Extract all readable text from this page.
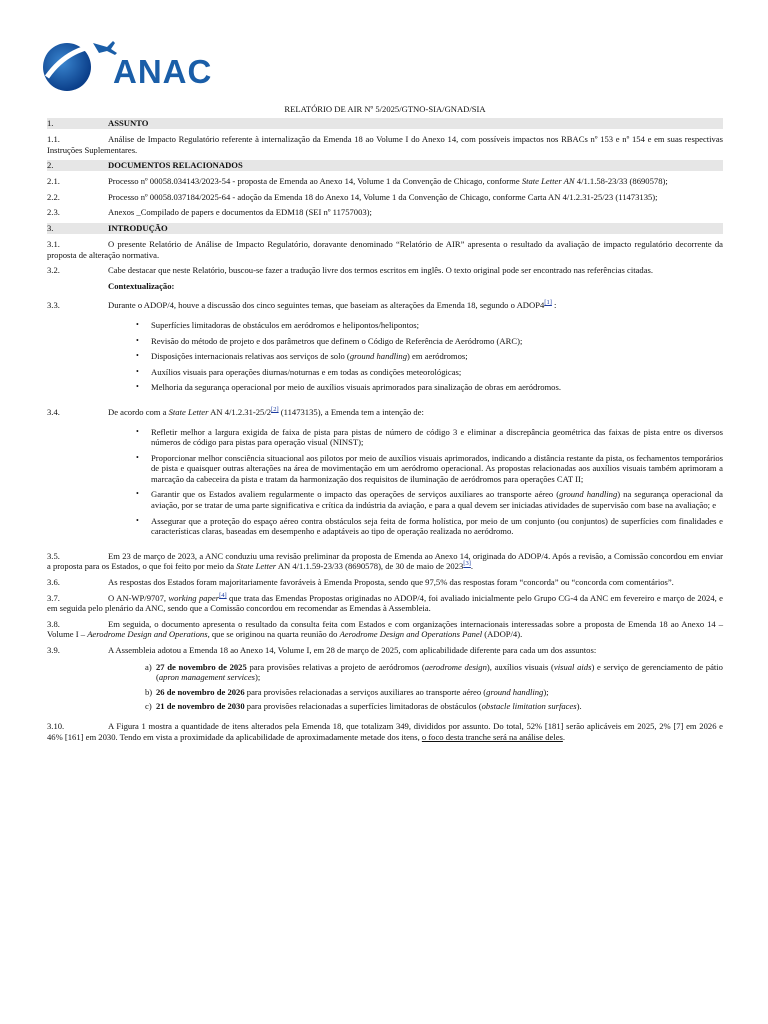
ANAC
RELATÓRIO DE AIR Nº 5/2025/GTNO-SIA/GNAD/SIA
1.	ASSUNTO
1.1.	Análise de Impacto Regulatório referente à internalização da Emenda 18 ao Volume I do Anexo 14, com possíveis impactos nos RBACs nº 153 e nº 154 e em suas respectivas Instruções Suplementares.
2.	DOCUMENTOS RELACIONADOS
2.1.	Processo nº 00058.034143/2023-54 - proposta de Emenda ao Anexo 14, Volume 1 da Convenção de Chicago, conforme State Letter AN 4/1.1.58-23/33 (8690578);
2.2.	Processo nº 00058.037184/2025-64 - adoção da Emenda 18 do Anexo 14, Volume 1 da Convenção de Chicago, conforme Carta AN 4/1.2.31-25/23 (11473135);
2.3.	Anexos _Compilado de papers e documentos da EDM18 (SEI nº 11757003);
3.	INTRODUÇÃO
3.1.	O presente Relatório de Análise de Impacto Regulatório, doravante denominado “Relatório de AIR” apresenta o resultado da avaliação de impacto regulatório decorrente da proposta de alteração normativa.
3.2.	Cabe destacar que neste Relatório, buscou-se fazer a tradução livre dos termos escritos em inglês. O texto original pode ser encontrado nas referências citadas.
Contextualização:
3.3.	Durante o ADOP/4, houve a discussão dos cinco seguintes temas, que baseiam as alterações da Emenda 18, segundo o ADOP4[1] :
• Superfícies limitadoras de obstáculos em aeródromos e helipontos/helipontos;
• Revisão do método de projeto e dos parâmetros que definem o Código de Referência de Aeródromo (ARC);
• Disposições internacionais relativas aos serviços de solo (ground handling) em aeródromos;
• Auxílios visuais para operações diurnas/noturnas e em todas as condições meteorológicas;
• Melhoria da segurança operacional por meio de auxílios visuais aprimorados para sinalização de obras em aeródromos.
3.4.	De acordo com a State Letter AN 4/1.2.31-25/2[2] (11473135), a Emenda tem a intenção de:
• Refletir melhor a largura exigida de faixa de pista para pistas de número de código 3 e eliminar a discrepância geométrica das faixas de pista entre os diversos números de código para pistas para operação visual (NINST);
• Proporcionar melhor consciência situacional aos pilotos por meio de auxílios visuais aprimorados, indicando a distância restante da pista, os fechamentos temporários de pista e quaisquer outras alterações na área de movimentação em um aeródromo operacional. As propostas relacionadas aos auxílios visuais também aprimoram a marcação da cabeceira da pista e tratam da harmonização dos requisitos de iluminação de aeródromos para operações CAT II;
• Garantir que os Estados avaliem regularmente o impacto das operações de serviços auxiliares ao transporte aéreo (ground handling) na segurança operacional da aviação, por se tratar de uma parte significativa e crítica da indústria da aviação, e para a qual devem ser iniciadas atividades de supervisão com base na avaliação; e
• Assegurar que a proteção do espaço aéreo contra obstáculos seja feita de forma holística, por meio de um conjunto (ou conjuntos) de superfícies com finalidades e características claras, baseadas em desempenho e adaptáveis ao tipo de operação realizada no aeródromo.
3.5.	Em 23 de março de 2023, a ANC conduziu uma revisão preliminar da proposta de Emenda ao Anexo 14, originada do ADOP/4. Após a revisão, a Comissão concordou em enviar a proposta para os Estados, o que foi feito por meio da State Letter AN 4/1.1.59-23/33 (8690578), de 30 de maio de 2023[3].
3.6.	As respostas dos Estados foram majoritariamente favoráveis à Emenda Proposta, sendo que 97,5% das respostas foram “concorda” ou “concorda com comentários”.
3.7.	O AN-WP/9707, working paper[4] que trata das Emendas Propostas originadas no ADOP/4, foi avaliado inicialmente pelo Grupo CG-4 da ANC em fevereiro e março de 2024, e em seguida pelo plenário da ANC, sendo que a Comissão concordou em recomendar as Emendas à Assembleia.
3.8.	Em seguida, o documento apresenta o resultado da consulta feita com Estados e com organizações internacionais interessadas sobre a proposta de Emenda 18 ao Anexo 14 – Volume I – Aerodrome Design and Operations, que se originou na quarta reunião do Aerodrome Design and Operations Panel (ADOP/4).
3.9.	A Assembleia adotou a Emenda 18 ao Anexo 14, Volume I, em 28 de março de 2025, com aplicabilidade diferente para cada um dos assuntos:
a) 27 de novembro de 2025 para provisões relativas a projeto de aeródromos (aerodrome design), auxílios visuais (visual aids) e serviço de gerenciamento de pátio (apron management services);
b) 26 de novembro de 2026 para provisões relacionadas a serviços auxiliares ao transporte aéreo (ground handling);
c) 21 de novembro de 2030 para provisões relacionadas a superfícies limitadoras de obstáculos (obstacle limitation surfaces).
3.10.	A Figura 1 mostra a quantidade de itens alterados pela Emenda 18, que totalizam 349, divididos por assunto. Do total, 52% [181] serão aplicáveis em 2025, 2% [7] em 2026 e 46% [161] em 2030. Tendo em vista a proximidade da aplicabilidade de aproximadamente metade dos itens, o foco desta tranche será na análise deles.
